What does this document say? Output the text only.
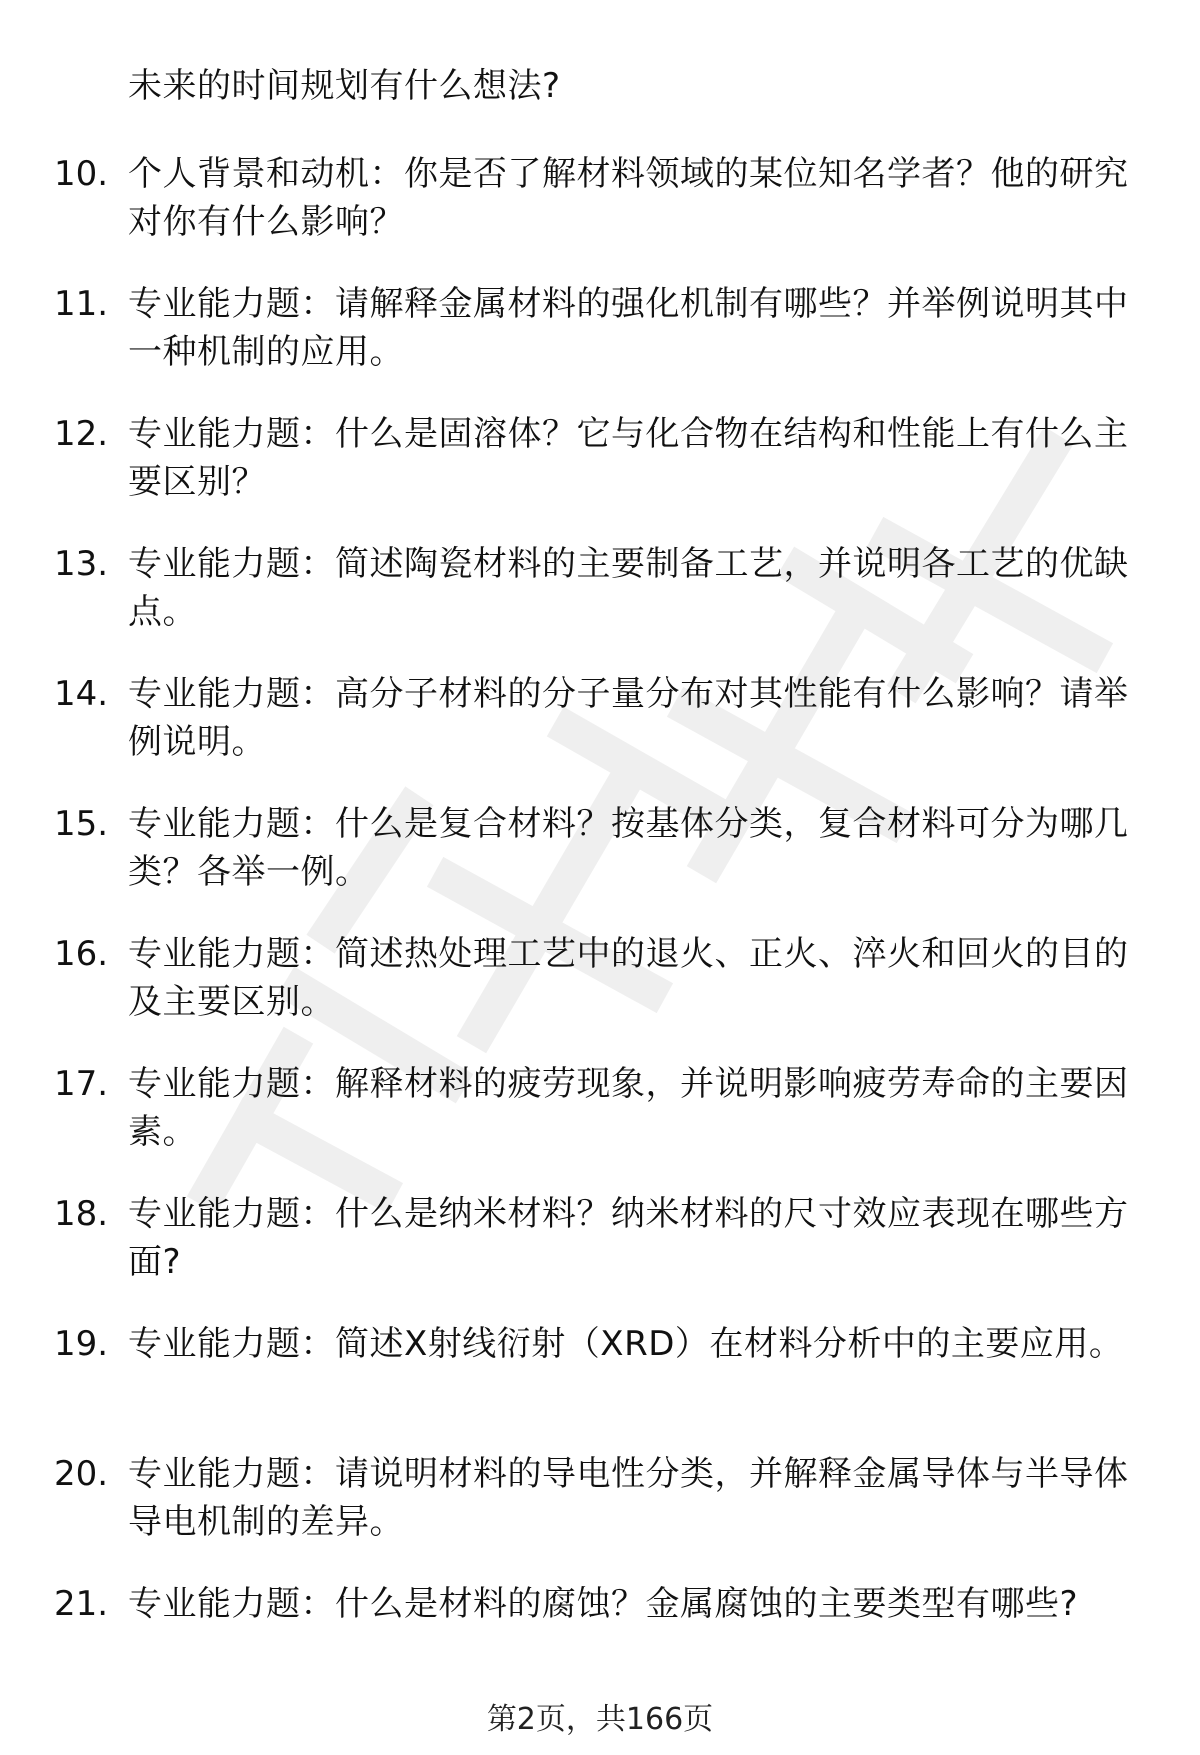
未来的时间规划有什么想法?
10. 个人背景和动机：你是否了解材料领域的某位知名学者？他的研究对你有什么影响？
11. 专业能力题：请解释金属材料的强化机制有哪些？并举例说明其中一种机制的应用。
12. 专业能力题：什么是固溶体？它与化合物在结构和性能上有什么主要区别？
13. 专业能力题：简述陶瓷材料的主要制备工艺，并说明各工艺的优缺点。
14. 专业能力题：高分子材料的分子量分布对其性能有什么影响？请举例说明。
15. 专业能力题：什么是复合材料？按基体分类，复合材料可分为哪几类？各举一例。
16. 专业能力题：简述热处理工艺中的退火、正火、淬火和回火的目的及主要区别。
17. 专业能力题：解释材料的疲劳现象，并说明影响疲劳寿命的主要因素。
18. 专业能力题：什么是纳米材料？纳米材料的尺寸效应表现在哪些方面?
19. 专业能力题：简述X射线衍射（XRD）在材料分析中的主要应用。
20. 专业能力题：请说明材料的导电性分类，并解释金属导体与半导体导电机制的差异。
21. 专业能力题：什么是材料的腐蚀？金属腐蚀的主要类型有哪些?
第2页，共166页
